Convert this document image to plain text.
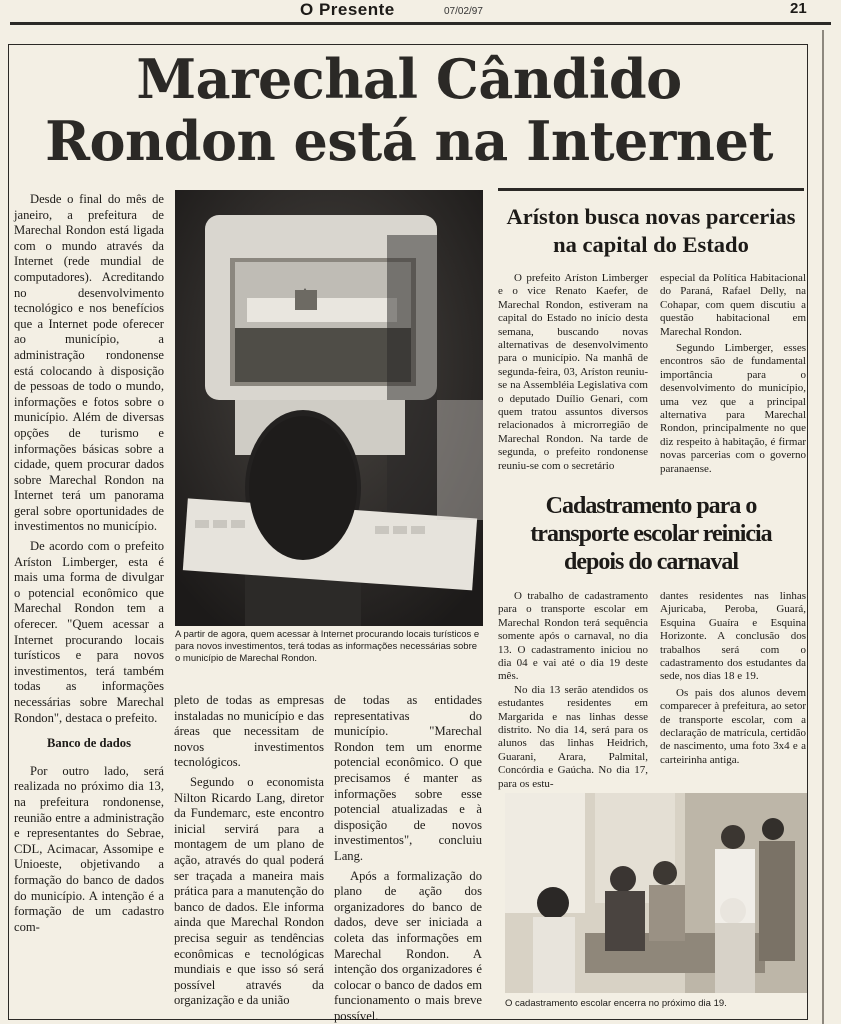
O Presente	07/02/97	21
Marechal Cândido
Rondon está na Internet

Desde o final do mês de janeiro, a prefeitura de Marechal Rondon está ligada com o mundo através da Internet (rede mundial de computadores). Acreditando no desenvolvimento tecnológico e nos benefícios que a Internet pode oferecer ao município, a administração rondonense está colocando à disposição de pessoas de todo o mundo, informações e fotos sobre o município. Além de diversas opções de turismo e informações básicas sobre a cidade, quem procurar dados sobre Marechal Rondon na Internet terá um panorama geral sobre oportunidades de investimentos no município.

De acordo com o prefeito Aríston Limberger, esta é mais uma forma de divulgar o potencial econômico que Marechal Rondon tem a oferecer. "Quem acessar a Internet procurando locais turísticos e para novos investimentos, terá também todas as informações necessárias sobre Marechal Rondon", destaca o prefeito.

Banco de dados

Por outro lado, será realizada no próximo dia 13, na prefeitura rondonense, reunião entre a administração e representantes do Sebrae, CDL, Acimacar, Assomipe e Unioeste, objetivando a formação do banco de dados do município. A intenção é a formação de um cadastro com-

A partir de agora, quem acessar à Internet procurando locais turísticos e para novos investimentos, terá todas as informações necessárias sobre o município de Marechal Rondon.

pleto de todas as empresas instaladas no município e das áreas que necessitam de novos investimentos tecnológicos.

Segundo o economista Nilton Ricardo Lang, diretor da Fundemarc, este encontro inicial servirá para a montagem de um plano de ação, através do qual poderá ser traçada a maneira mais prática para a manutenção do banco de dados. Ele informa ainda que Marechal Rondon precisa seguir as tendências econômicas e tecnológicas mundiais e que isso só será possível através da organização e da união

de todas as entidades representativas do município. "Marechal Rondon tem um enorme potencial econômico. O que precisamos é manter as informações sobre esse potencial atualizadas e à disposição de novos investimentos", concluiu Lang.

Após a formalização do plano de ação dos organizadores do banco de dados, deve ser iniciada a coleta das informações em Marechal Rondon. A intenção dos organizadores é colocar o banco de dados em funcionamento o mais breve possível.

Aríston busca novas parcerias na capital do Estado

O prefeito Aríston Limberger e o vice Renato Kaefer, de Marechal Rondon, estiveram na capital do Estado no início desta semana, buscando novas alternativas de desenvolvimento para o município. Na manhã de segunda-feira, 03, Aríston reuniu-se na Assembléia Legislativa com o deputado Duílio Genari, com quem tratou assuntos diversos relacionados à microrregião de Marechal Rondon. Na tarde de segunda, o prefeito rondonense reuniu-se com o secretário

especial da Política Habitacional do Paraná, Rafael Delly, na Cohapar, com quem discutiu a questão habitacional em Marechal Rondon.

Segundo Limberger, esses encontros são de fundamental importância para o desenvolvimento do município, uma vez que a principal alternativa para Marechal Rondon, principalmente no que diz respeito à habitação, é firmar novas parcerias com o governo paranaense.

Cadastramento para o
transporte escolar reinicia
depois do carnaval

O trabalho de cadastramento para o transporte escolar em Marechal Rondon terá sequência somente após o carnaval, no dia 13. O cadastramento iniciou no dia 04 e vai até o dia 19 deste mês.

No dia 13 serão atendidos os estudantes residentes em Margarida e nas linhas desse distrito. No dia 14, será para os alunos das linhas Heidrich, Guarani, Arara, Palmital, Concórdia e Gaúcha. No dia 17, para os estu-

dantes residentes nas linhas Ajuricaba, Peroba, Guará, Esquina Guaíra e Esquina Horizonte. A conclusão dos trabalhos será com o cadastramento dos estudantes da sede, nos dias 18 e 19.

Os pais dos alunos devem comparecer à prefeitura, ao setor de transporte escolar, com a declaração de matrícula, certidão de nascimento, uma foto 3x4 e a carteirinha antiga.

O cadastramento escolar encerra no próximo dia 19.
